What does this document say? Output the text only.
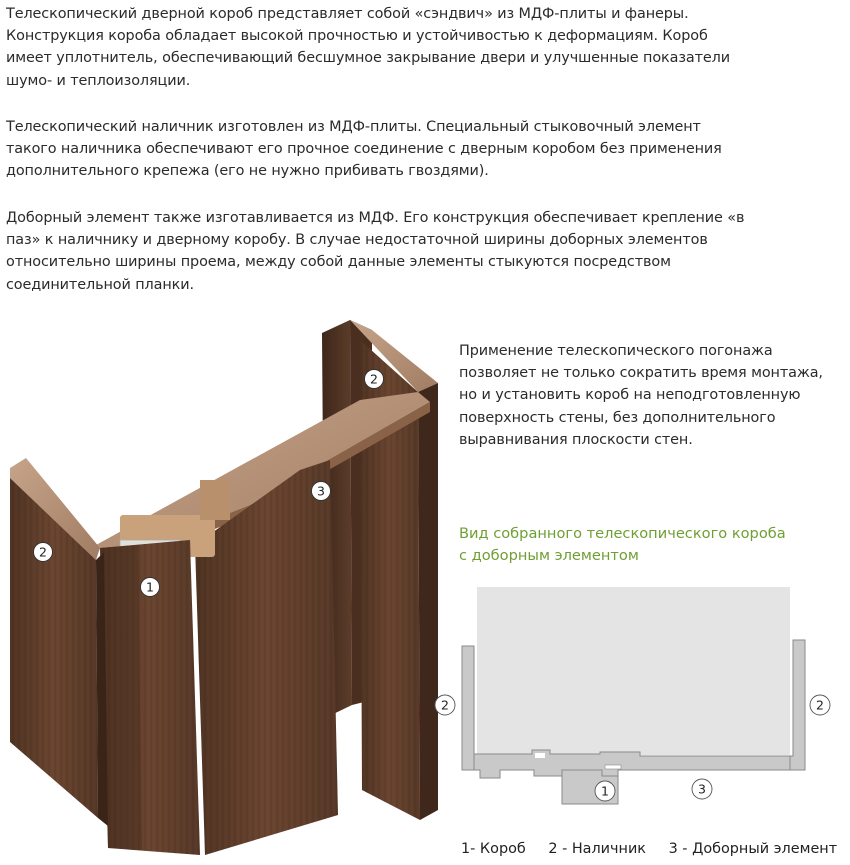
Телескопический дверной короб представляет собой «сэндвич» из МДФ-плиты и фанеры.
Конструкция короба обладает высокой прочностью и устойчивостью к деформациям. Короб
имеет уплотнитель, обеспечивающий бесшумное закрывание двери и улучшенные показатели
шумо- и теплоизоляции.

Телескопический наличник изготовлен из МДФ-плиты. Специальный стыковочный элемент
такого наличника обеспечивают его прочное соединение с дверным коробом без применения
дополнительного крепежа (его не нужно прибивать гвоздями).

Доборный элемент также изготавливается из МДФ. Его конструкция обеспечивает крепление «в
паз» к наличнику и дверному коробу. В случае недостаточной ширины доборных элементов
относительно ширины проема, между собой данные элементы стыкуются посредством
соединительной планки.

2
3
2
1
2	2
1	3

Применение телескопического погонажа
позволяет не только сократить время монтажа,
но и установить короб на неподготовленную
поверхность стены, без дополнительного
выравнивания плоскости стен.

Вид собранного телескопического короба
с доборным элементом

1- Короб 2 - Наличник 3 - Доборный элемент
